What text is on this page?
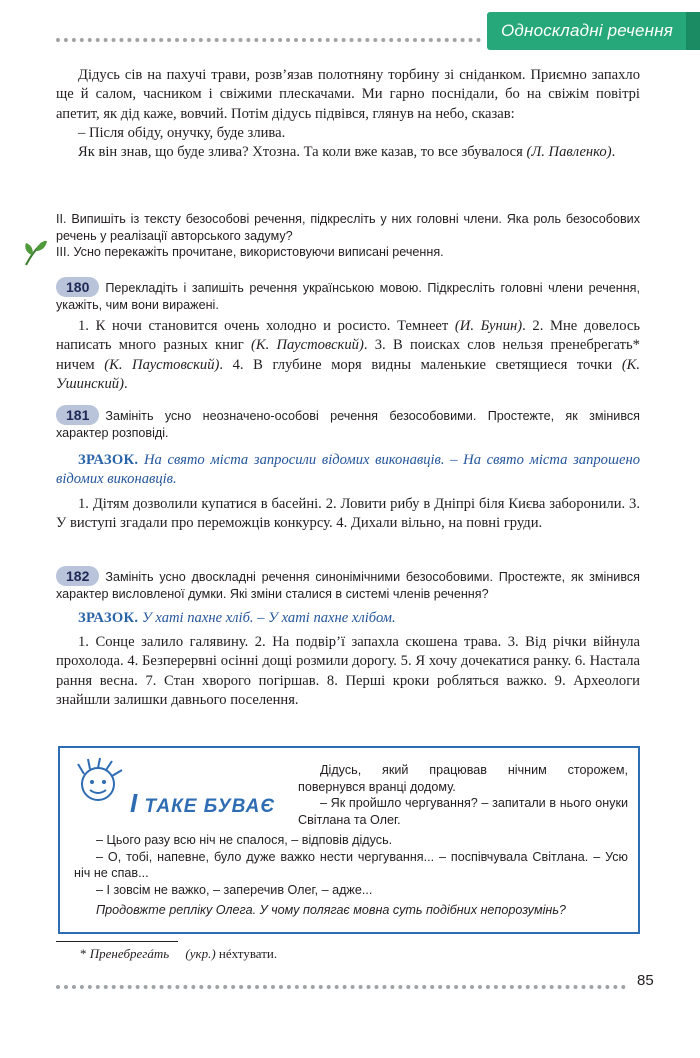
Односкладні речення

Дідусь сів на пахучі трави, розв’язав полотняну торбину зі сніданком. Приємно запахло ще й салом, часником і свіжими плескачами. Ми гарно поснідали, бо на свіжім повітрі апетит, як дід каже, вовчий. Потім дідусь підвівся, глянув на небо, сказав:

– Після обіду, онучку, буде злива.

Як він знав, що буде злива? Хтозна. Та коли вже казав, то все збувалося (Л. Павленко).

II. Випишіть із тексту безособові речення, підкресліть у них головні члени. Яка роль безособових речень у реалізації авторського задуму?

III. Усно перекажіть прочитане, використовуючи виписані речення.

180 Перекладіть і запишіть речення українською мовою. Підкресліть головні члени речення, укажіть, чим вони виражені.

1. К ночи становится очень холодно и росисто. Темнеет (И. Бунин). 2. Мне довелось написать много разных книг (К. Паустовский). 3. В поисках слов нельзя пренебрегать* ничем (К. Паустовский). 4. В глубине моря видны маленькие светящиеся точки (К. Ушинский).

181 Замініть усно неозначено-особові речення безособовими. Простежте, як змінився характер розповіді.

ЗРАЗОК. На свято міста запросили відомих виконавців. – На свято міста запрошено відомих виконавців.

1. Дітям дозволили купатися в басейні. 2. Ловити рибу в Дніпрі біля Києва заборонили. 3. У виступі згадали про переможців конкурсу. 4. Дихали вільно, на повні груди.

182 Замініть усно двоскладні речення синонімічними безособовими. Простежте, як змінився характер висловленої думки. Які зміни сталися в системі членів речення?

ЗРАЗОК. У хаті пахне хліб. – У хаті пахне хлібом.

1. Сонце залило галявину. 2. На подвір’ї запахла скошена трава. 3. Від річки війнула прохолода. 4. Безперервні осінні дощі розмили дорогу. 5. Я хочу дочекатися ранку. 6. Настала рання весна. 7. Стан хворого погіршав. 8. Перші кроки робляться важко. 9. Археологи знайшли залишки давнього поселення.

І ТАКЕ БУВАЄ

Дідусь, який працював нічним сторожем, повернувся вранці додому.

– Як пройшло чергування? – запитали в нього онуки Світлана та Олег.

– Цього разу всю ніч не спалося, – відповів дідусь.

– О, тобі, напевне, було дуже важко нести чергування... – поспівчувала Світлана. – Усю ніч не спав...

– І зовсім не важко, – заперечив Олег, – адже...

Продовжте репліку Олега. У чому полягає мовна суть подібних непорозумінь?

* Пренебрегáть (укр.) нéхтувати.
85
